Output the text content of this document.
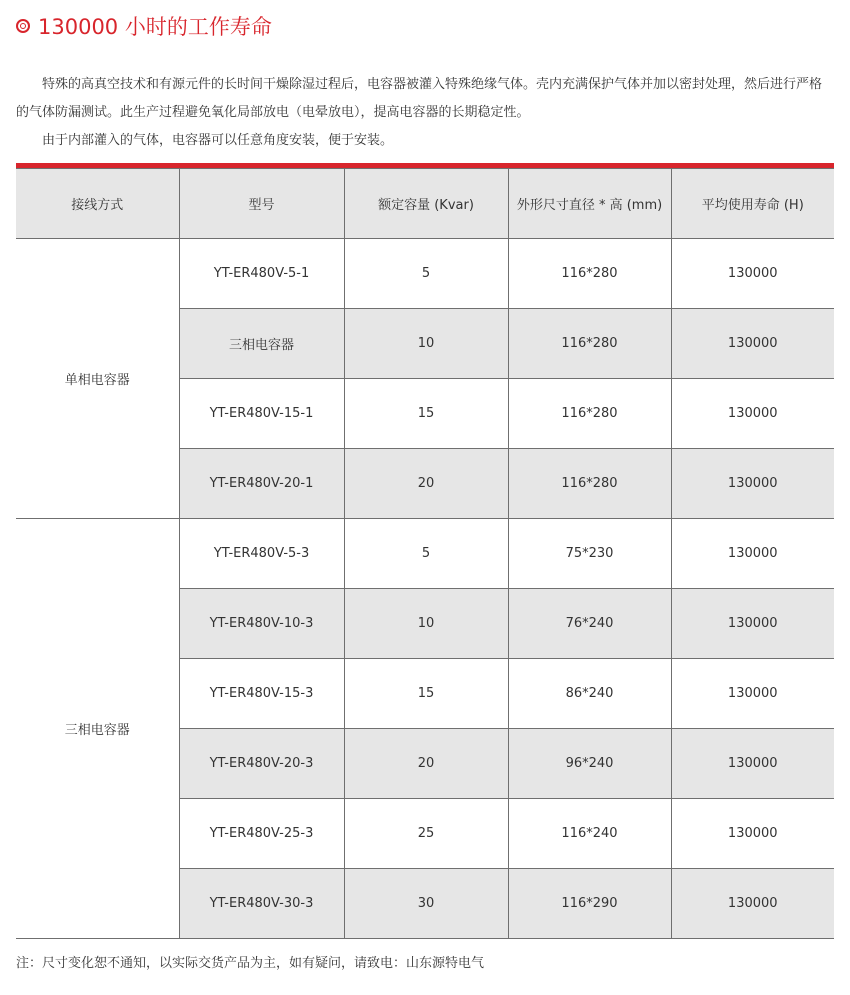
130000 小时的工作寿命

特殊的高真空技术和有源元件的长时间干燥除湿过程后，电容器被灌入特殊绝缘气体。壳内充满保护气体并加以密封处理，然后进行严格的气体防漏测试。此生产过程避免氧化局部放电（电晕放电），提高电容器的长期稳定性。

由于内部灌入的气体，电容器可以任意角度安装，便于安装。

接线方式	型号	额定容量 (Kvar)	外形尺寸直径 * 高 (mm)	平均使用寿命 (H)
单相电容器	YT-ER480V-5-1	5	116*280	130000
	三相电容器	10	116*280	130000
	YT-ER480V-15-1	15	116*280	130000
	YT-ER480V-20-1	20	116*280	130000
三相电容器	YT-ER480V-5-3	5	75*230	130000
	YT-ER480V-10-3	10	76*240	130000
	YT-ER480V-15-3	15	86*240	130000
	YT-ER480V-20-3	20	96*240	130000
	YT-ER480V-25-3	25	116*240	130000
	YT-ER480V-30-3	30	116*290	130000
注：尺寸变化恕不通知，以实际交货产品为主，如有疑问，请致电：山东源特电气
